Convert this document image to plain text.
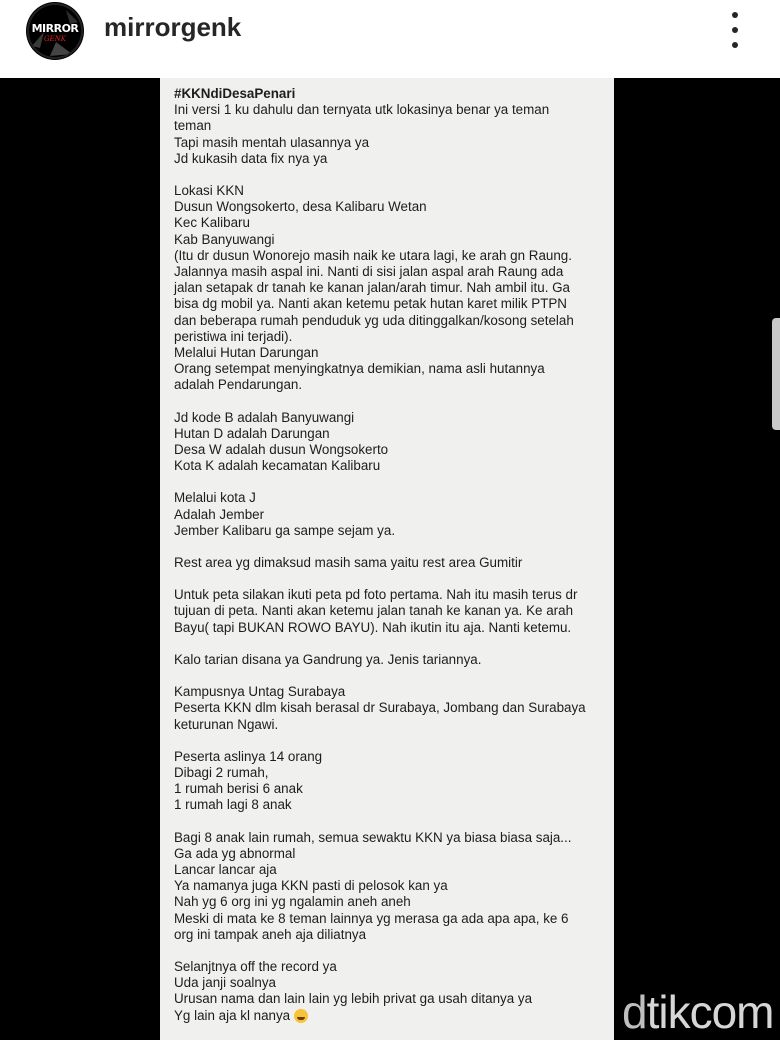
MIRROR
GENK	mirrorgenk
#KKNdiDesaPenari
Ini versi 1 ku dahulu dan ternyata utk lokasinya benar ya teman
teman
Tapi masih mentah ulasannya ya
Jd kukasih data fix nya ya
Lokasi KKN
Dusun Wongsokerto, desa Kalibaru Wetan
Kec Kalibaru
Kab Banyuwangi
(Itu dr dusun Wonorejo masih naik ke utara lagi, ke arah gn Raung.
Jalannya masih aspal ini. Nanti di sisi jalan aspal arah Raung ada
jalan setapak dr tanah ke kanan jalan/arah timur. Nah ambil itu. Ga
bisa dg mobil ya. Nanti akan ketemu petak hutan karet milik PTPN
dan beberapa rumah penduduk yg uda ditinggalkan/kosong setelah
peristiwa ini terjadi).
Melalui Hutan Darungan
Orang setempat menyingkatnya demikian, nama asli hutannya
adalah Pendarungan.
Jd kode B adalah Banyuwangi
Hutan D adalah Darungan
Desa W adalah dusun Wongsokerto
Kota K adalah kecamatan Kalibaru
Melalui kota J
Adalah Jember
Jember Kalibaru ga sampe sejam ya.
Rest area yg dimaksud masih sama yaitu rest area Gumitir
Untuk peta silakan ikuti peta pd foto pertama. Nah itu masih terus dr
tujuan di peta. Nanti akan ketemu jalan tanah ke kanan ya. Ke arah
Bayu( tapi BUKAN ROWO BAYU). Nah ikutin itu aja. Nanti ketemu.
Kalo tarian disana ya Gandrung ya. Jenis tariannya.
Kampusnya Untag Surabaya
Peserta KKN dlm kisah berasal dr Surabaya, Jombang dan Surabaya
keturunan Ngawi.
Peserta aslinya 14 orang
Dibagi 2 rumah,
1 rumah berisi 6 anak
1 rumah lagi 8 anak
Bagi 8 anak lain rumah, semua sewaktu KKN ya biasa biasa saja...
Ga ada yg abnormal
Lancar lancar aja
Ya namanya juga KKN pasti di pelosok kan ya
Nah yg 6 org ini yg ngalamin aneh aneh
Meski di mata ke 8 teman lainnya yg merasa ga ada apa apa, ke 6
org ini tampak aneh aja diliatnya
Selanjtnya off the record ya
Uda janji soalnya
Urusan nama dan lain lain yg lebih privat ga usah ditanya ya
Yg lain aja kl nanya	dtikcom
